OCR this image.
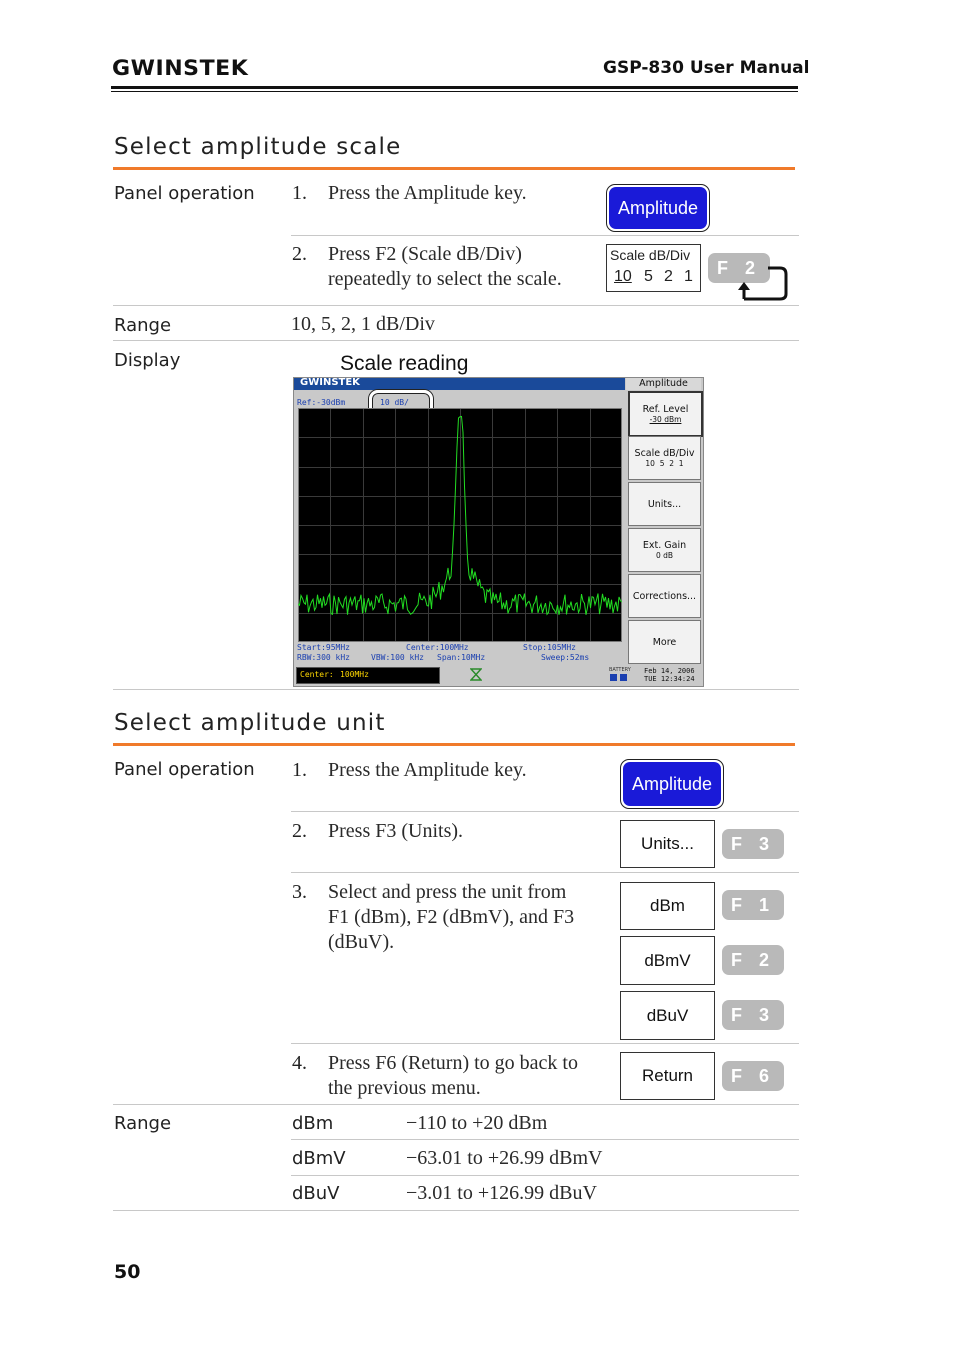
GWINSTEK	GSP-830 User Manual
Select amplitude scale
Panel operation 1. Press the Amplitude key.
Amplitude
2. Press F2 (Scale dB/Div)
repeatedly to select the scale.
Scale dB/Div
10 5 2 1	F 2
Range	10, 5, 2, 1 dB/Div
Display	Scale reading
GWINSTEK
Ref:-30dBm	10 dB/
Start:95MHz	Center:100MHz	Stop:105MHz
RBW:300 kHz	VBW:100 kHz Span:10MHz	Sweep:52ms
Center: 100MHz	BATTERY Feb 14, 2006
TUE 12:34:24
Amplitude
Ref. Level
-30 dBm
Scale dB/Div
10  5  2  1
Units...
Ext. Gain
0 dB
Corrections...
More
Select amplitude unit
Panel operation 1. Press the Amplitude key.
Amplitude
2. Press F3 (Units).
Units...	F 3
3. Select and press the unit from
F1 (dBm), F2 (dBmV), and F3
(dBuV).
dBm	F 1
dBmV	F 2
dBuV	F 3
4. Press F6 (Return) to go back to
the previous menu.
Return	F 6
Range	dBm	−110 to +20 dBm
dBmV	−63.01 to +26.99 dBmV
dBuV	−3.01 to +126.99 dBuV
50
